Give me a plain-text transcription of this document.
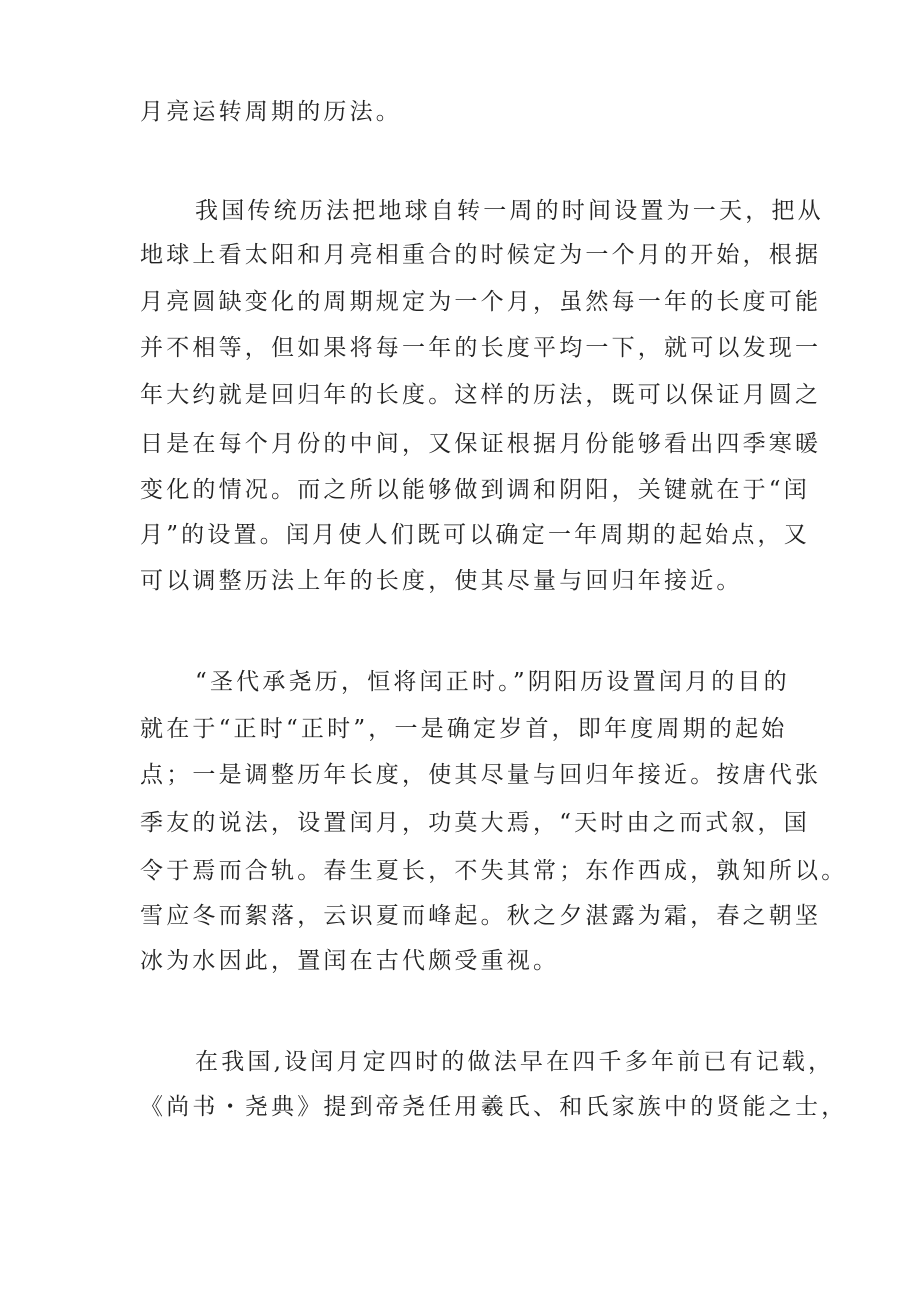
月亮运转周期的历法。

我国传统历法把地球自转一周的时间设置为一天，把从

地球上看太阳和月亮相重合的时候定为一个月的开始，根据

月亮圆缺变化的周期规定为一个月，虽然每一年的长度可能

并不相等，但如果将每一年的长度平均一下，就可以发现一

年大约就是回归年的长度。这样的历法，既可以保证月圆之

日是在每个月份的中间，又保证根据月份能够看出四季寒暖

变化的情况。而之所以能够做到调和阴阳，关键就在于“闰

月”的设置。闰月使人们既可以确定一年周期的起始点，又

可以调整历法上年的长度，使其尽量与回归年接近。

“圣代承尧历，恒将闰正时。”阴阳历设置闰月的目的

就在于“正时“正时”，一是确定岁首，即年度周期的起始

点；一是调整历年长度，使其尽量与回归年接近。按唐代张

季友的说法，设置闰月，功莫大焉，“天时由之而式叙，国

令于焉而合轨。春生夏长，不失其常；东作西成，孰知所以。

雪应冬而絮落，云识夏而峰起。秋之夕湛露为霜，春之朝坚

冰为水因此，置闰在古代颇受重视。

在我国,设闰月定四时的做法早在四千多年前已有记载，

《尚书・尧典》提到帝尧任用羲氏、和氏家族中的贤能之士，
